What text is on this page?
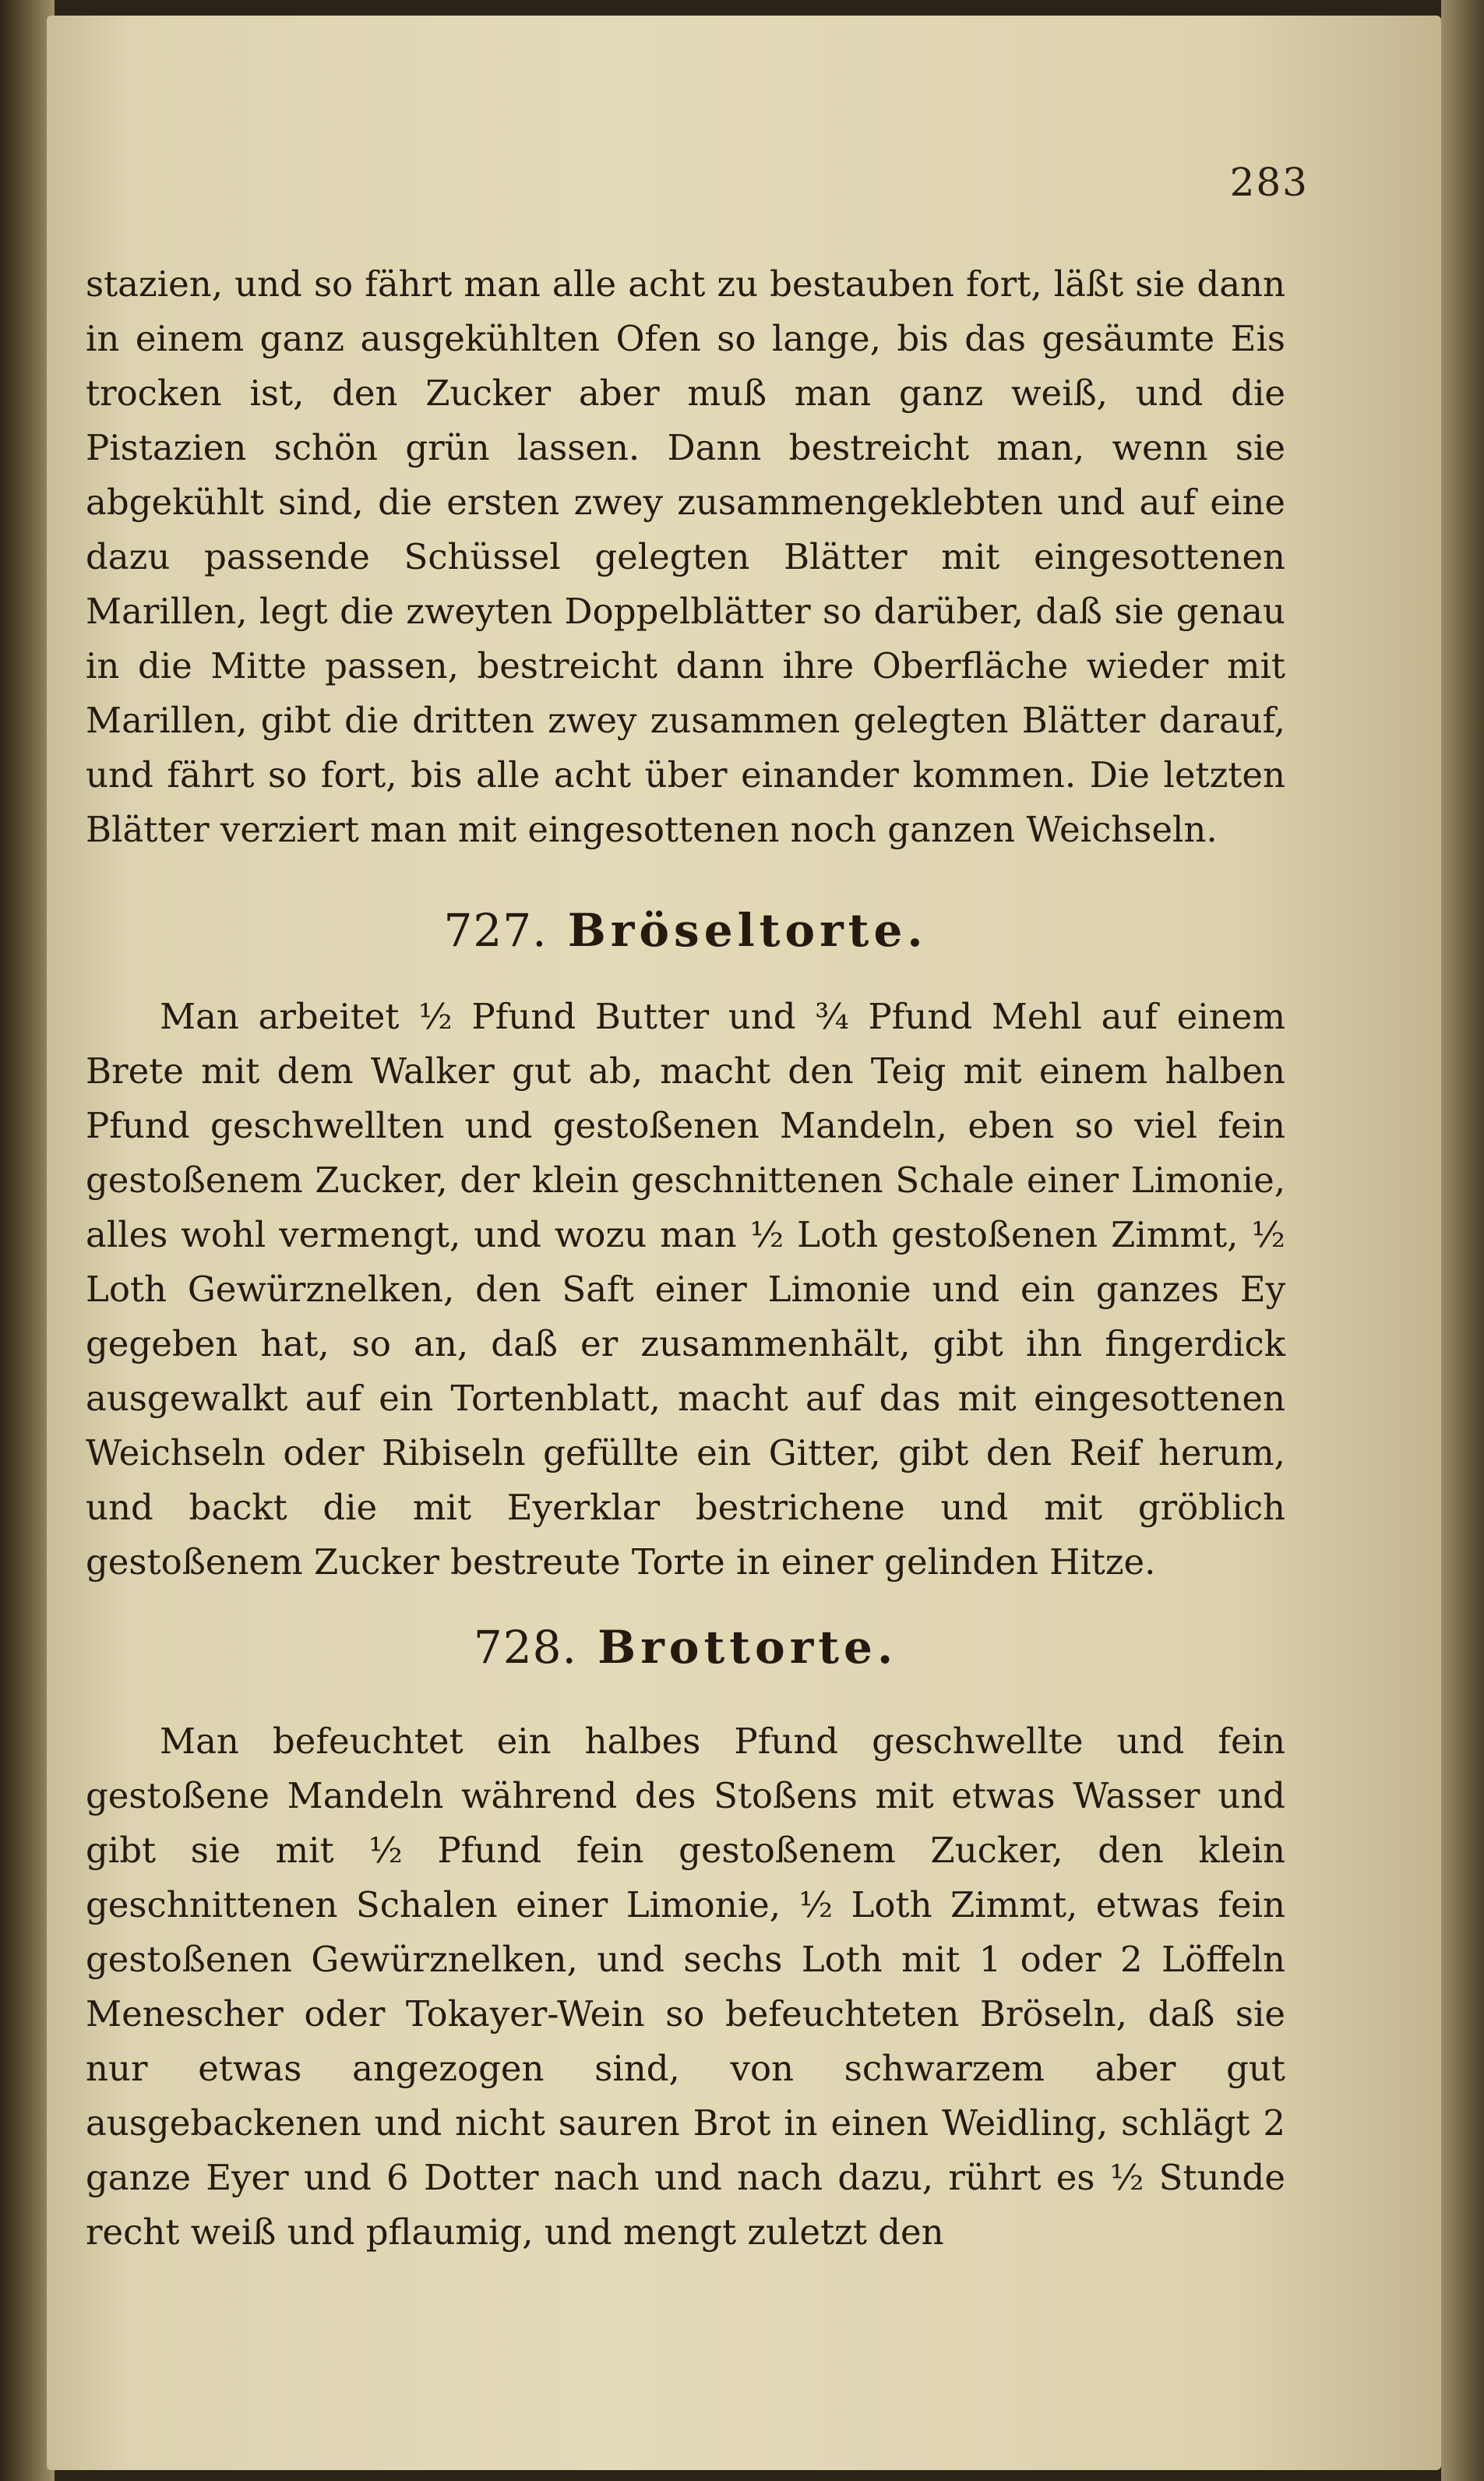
283

stazien, und so fährt man alle acht zu bestauben fort, läßt sie dann in einem ganz ausgekühlten Ofen so lange, bis das gesäumte Eis trocken ist, den Zucker aber muß man ganz weiß, und die Pistazien schön grün lassen. Dann bestreicht man, wenn sie abgekühlt sind, die ersten zwey zusammengeklebten und auf eine dazu passende Schüssel gelegten Blätter mit eingesottenen Marillen, legt die zweyten Doppelblätter so darüber, daß sie genau in die Mitte passen, bestreicht dann ihre Oberfläche wieder mit Marillen, gibt die dritten zwey zusammen gelegten Blätter darauf, und fährt so fort, bis alle acht über einander kommen. Die letzten Blätter verziert man mit eingesottenen noch ganzen Weichseln.

727. Bröseltorte.

Man arbeitet ½ Pfund Butter und ¾ Pfund Mehl auf einem Brete mit dem Walker gut ab, macht den Teig mit einem halben Pfund geschwellten und gestoßenen Mandeln, eben so viel fein gestoßenem Zucker, der klein geschnittenen Schale einer Limonie, alles wohl vermengt, und wozu man ½ Loth gestoßenen Zimmt, ½ Loth Gewürznelken, den Saft einer Limonie und ein ganzes Ey gegeben hat, so an, daß er zusammenhält, gibt ihn fingerdick ausgewalkt auf ein Tortenblatt, macht auf das mit eingesottenen Weichseln oder Ribiseln gefüllte ein Gitter, gibt den Reif herum, und backt die mit Eyerklar bestrichene und mit gröblich gestoßenem Zucker bestreute Torte in einer gelinden Hitze.

728. Brottorte.

Man befeuchtet ein halbes Pfund geschwellte und fein gestoßene Mandeln während des Stoßens mit etwas Wasser und gibt sie mit ½ Pfund fein gestoßenem Zucker, den klein geschnittenen Schalen einer Limonie, ½ Loth Zimmt, etwas fein gestoßenen Gewürznelken, und sechs Loth mit 1 oder 2 Löffeln Menescher oder Tokayer-Wein so befeuchteten Bröseln, daß sie nur etwas angezogen sind, von schwarzem aber gut ausgebackenen und nicht sauren Brot in einen Weidling, schlägt 2 ganze Eyer und 6 Dotter nach und nach dazu, rührt es ½ Stunde recht weiß und pflaumig, und mengt zuletzt den
